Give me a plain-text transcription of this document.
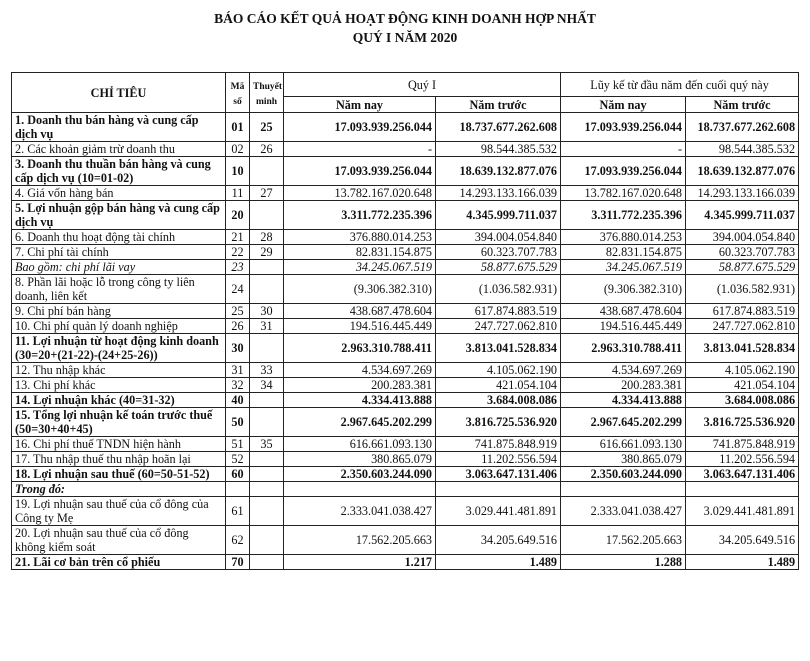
BÁO CÁO KẾT QUẢ HOẠT ĐỘNG KINH DOANH HỢP NHẤT
QUÝ I NĂM 2020
CHỈ TIÊU	Mã số	Thuyết minh	Quý I		Lũy kế từ đầu năm đến cuối quý này	
			Năm nay	Năm trước	Năm nay	Năm trước
1. Doanh thu bán hàng và cung cấp dịch vụ	01	25	17.093.939.256.044	18.737.677.262.608	17.093.939.256.044	18.737.677.262.608
2. Các khoản giảm trừ doanh thu	02	26	-	98.544.385.532	-	98.544.385.532
3. Doanh thu thuần bán hàng và cung cấp dịch vụ (10=01-02)	10		17.093.939.256.044	18.639.132.877.076	17.093.939.256.044	18.639.132.877.076
4. Giá vốn hàng bán	11	27	13.782.167.020.648	14.293.133.166.039	13.782.167.020.648	14.293.133.166.039
5. Lợi nhuận gộp bán hàng và cung cấp dịch vụ	20		3.311.772.235.396	4.345.999.711.037	3.311.772.235.396	4.345.999.711.037
6. Doanh thu hoạt động tài chính	21	28	376.880.014.253	394.004.054.840	376.880.014.253	394.004.054.840
7. Chi phí tài chính	22	29	82.831.154.875	60.323.707.783	82.831.154.875	60.323.707.783
Bao gồm: chi phí lãi vay	23		34.245.067.519	58.877.675.529	34.245.067.519	58.877.675.529
8. Phần lãi hoặc lỗ trong công ty liên doanh, liên kết	24		(9.306.382.310)	(1.036.582.931)	(9.306.382.310)	(1.036.582.931)
9. Chi phí bán hàng	25	30	438.687.478.604	617.874.883.519	438.687.478.604	617.874.883.519
10. Chi phí quản lý doanh nghiệp	26	31	194.516.445.449	247.727.062.810	194.516.445.449	247.727.062.810
11. Lợi nhuận từ hoạt động kinh doanh (30=20+(21-22)-(24+25-26))	30		2.963.310.788.411	3.813.041.528.834	2.963.310.788.411	3.813.041.528.834
12. Thu nhập khác	31	33	4.534.697.269	4.105.062.190	4.534.697.269	4.105.062.190
13. Chi phí khác	32	34	200.283.381	421.054.104	200.283.381	421.054.104
14. Lợi nhuận khác (40=31-32)	40		4.334.413.888	3.684.008.086	4.334.413.888	3.684.008.086
15. Tổng lợi nhuận kế toán trước thuế (50=30+40+45)	50		2.967.645.202.299	3.816.725.536.920	2.967.645.202.299	3.816.725.536.920
16. Chi phí thuế TNDN hiện hành	51	35	616.661.093.130	741.875.848.919	616.661.093.130	741.875.848.919
17. Thu nhập thuế thu nhập hoãn lại	52		380.865.079	11.202.556.594	380.865.079	11.202.556.594
18. Lợi nhuận sau thuế (60=50-51-52)	60		2.350.603.244.090	3.063.647.131.406	2.350.603.244.090	3.063.647.131.406
Trong đó:						
19. Lợi nhuận sau thuế của cổ đông của Công ty Mẹ	61		2.333.041.038.427	3.029.441.481.891	2.333.041.038.427	3.029.441.481.891
20. Lợi nhuận sau thuế của cổ đông không kiểm soát	62		17.562.205.663	34.205.649.516	17.562.205.663	34.205.649.516
21. Lãi cơ bản trên cổ phiếu	70		1.217	1.489	1.288	1.489
